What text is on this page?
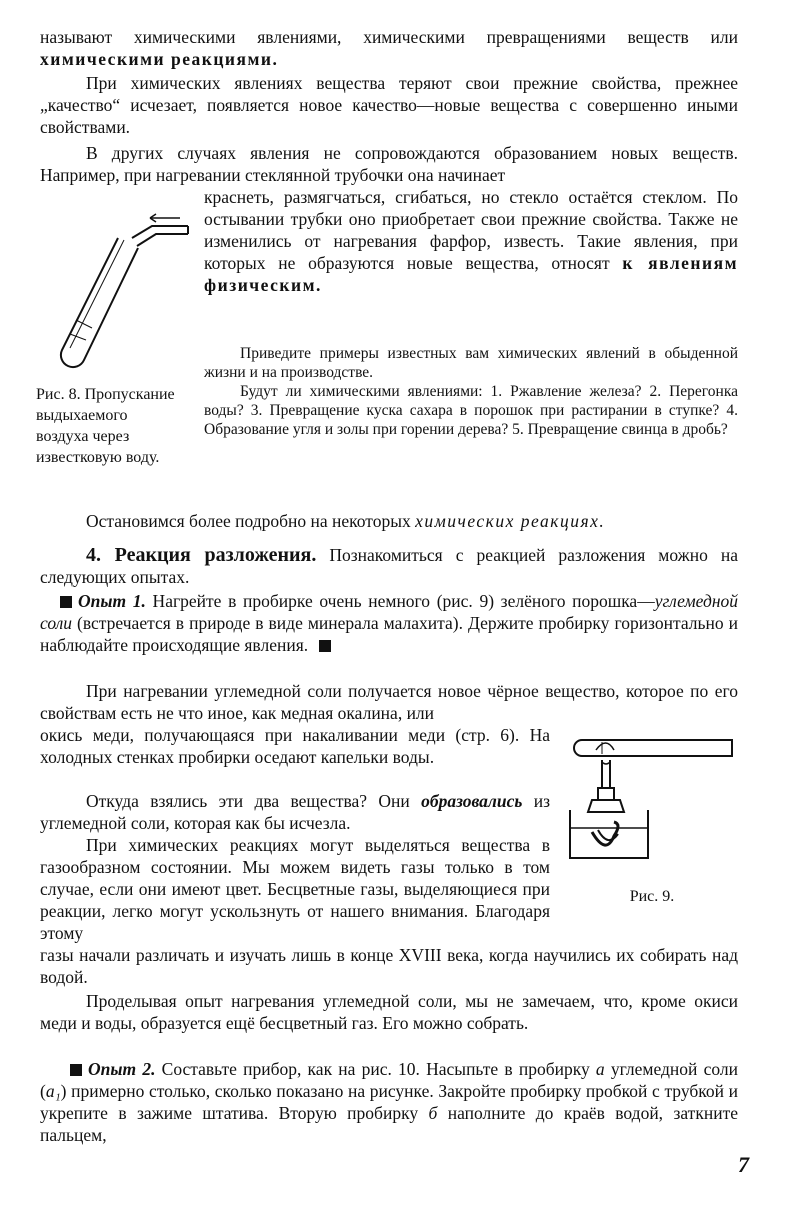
называют химическими явлениями, химическими превращениями веществ или химическими реакциями.

При химических явлениях вещества теряют свои прежние свойства, прежнее „качество“ исчезает, появляется новое качество—новые вещества с совершенно иными свойствами.

В других случаях явления не сопровождаются образованием новых веществ. Например, при нагревании стеклянной трубочки она начинает

краснеть, размягчаться, сгибаться, но стекло остаётся стеклом. По остывании трубки оно приобретает свои прежние свойства. Также не изменились от нагревания фарфор, известь. Такие явления, при которых не образуются новые вещества, относят к явлениям физическим.

Рис. 8. Пропускание выдыхаемого воздуха через известковую воду.

Приведите примеры известных вам химических явлений в обыденной жизни и на производстве.

Будут ли химическими явлениями: 1. Ржавление железа? 2. Перегонка воды? 3. Превращение куска сахара в порошок при растирании в ступке? 4. Образование угля и золы при горении дерева? 5. Превращение свинца в дробь?

Остановимся более подробно на некоторых химических реакциях.

4. Реакция разложения. Познакомиться с реакцией разложения можно на следующих опытах.

Опыт 1. Нагрейте в пробирке очень немного (рис. 9) зелёного порошка—углемедной соли (встречается в природе в виде минерала малахита). Держите пробирку горизонтально и наблюдайте происходящие явления.

При нагревании углемедной соли получается новое чёрное вещество, которое по его свойствам есть не что иное, как медная окалина, или

окись меди, получающаяся при накаливании меди (стр. 6). На холодных стенках пробирки оседают капельки воды.

Откуда взялись эти два вещества? Они образовались из углемедной соли, которая как бы исчезла.

При химических реакциях могут выделяться вещества в газообразном состоянии. Мы можем видеть газы только в том случае, если они имеют цвет. Бесцветные газы, выделяющиеся при реакции, легко могут ускользнуть от нашего внимания. Благодаря этому

газы начали различать и изучать лишь в конце XVIII века, когда научились их собирать над водой.

Рис. 9.

Проделывая опыт нагревания углемедной соли, мы не замечаем, что, кроме окиси меди и воды, образуется ещё бесцветный газ. Его можно собрать.

Опыт 2. Составьте прибор, как на рис. 10. Насыпьте в пробирку а углемедной соли (а₁) примерно столько, сколько показано на рисунке. Закройте пробирку пробкой с трубкой и укрепите в зажиме штатива. Вторую пробирку б наполните до краёв водой, заткните пальцем,

7
